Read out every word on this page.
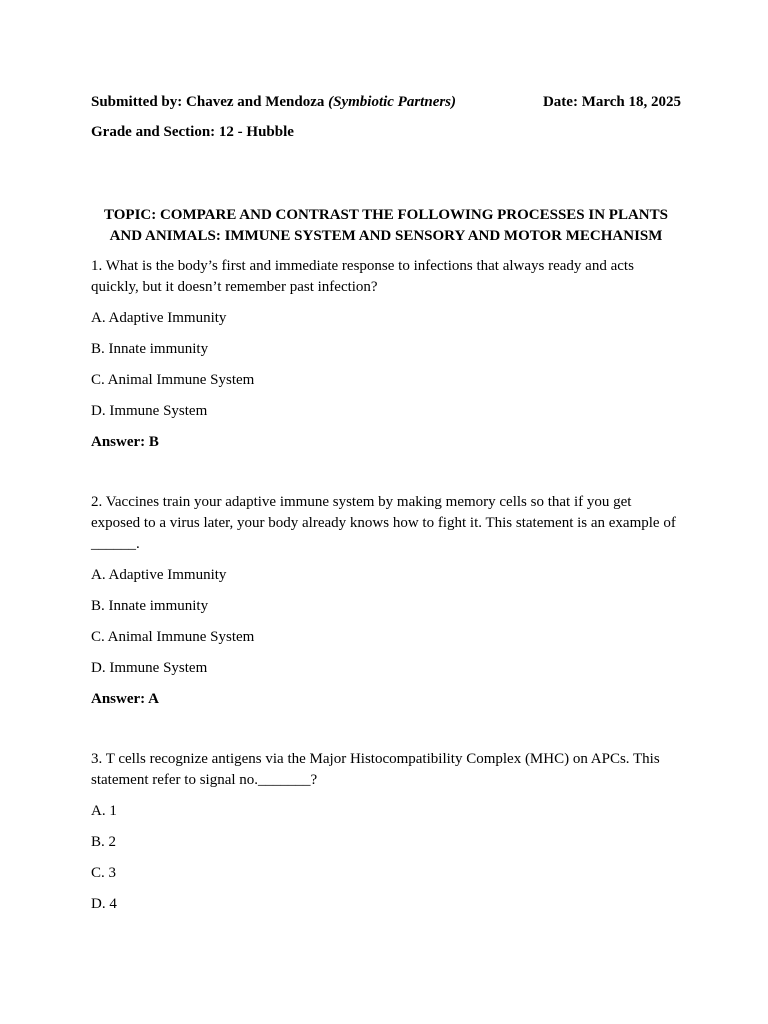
Submitted by: Chavez and Mendoza (Symbiotic Partners)	Date: March 18, 2025
Grade and Section: 12 - Hubble
TOPIC: COMPARE AND CONTRAST THE FOLLOWING PROCESSES IN PLANTS AND ANIMALS: IMMUNE SYSTEM AND SENSORY AND MOTOR MECHANISM
1. What is the body’s first and immediate response to infections that always ready and acts quickly, but it doesn’t remember past infection?
A. Adaptive Immunity
B. Innate immunity
C. Animal Immune System
D. Immune System
Answer: B
2. Vaccines train your adaptive immune system by making memory cells so that if you get exposed to a virus later, your body already knows how to fight it. This statement is an example of ______.
A. Adaptive Immunity
B. Innate immunity
C. Animal Immune System
D. Immune System
Answer: A
3. T cells recognize antigens via the Major Histocompatibility Complex (MHC) on APCs. This statement refer to signal no._______?
A. 1
B. 2
C. 3
D. 4
